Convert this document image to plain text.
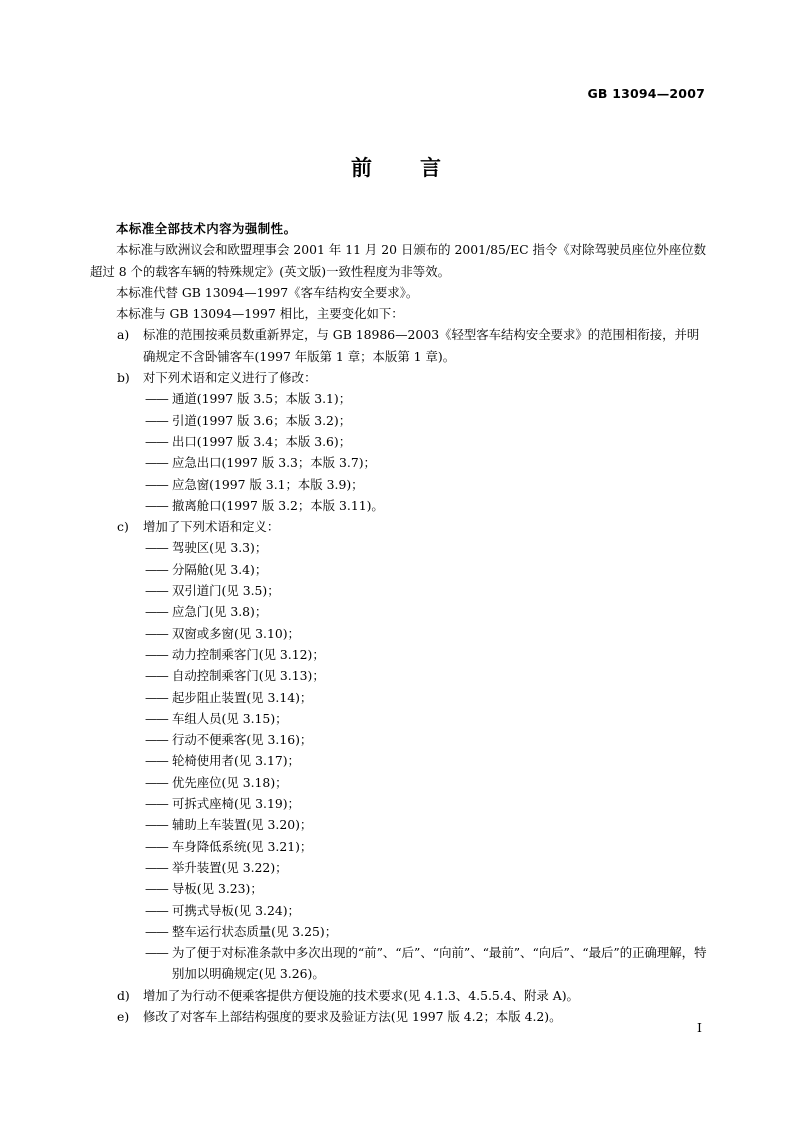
GB 13094—2007
前 言

本标准全部技术内容为强制性。

本标准与欧洲议会和欧盟理事会 2001 年 11 月 20 日颁布的 2001/85/EC 指令《对除驾驶员座位外座位数超过 8 个的载客车辆的特殊规定》(英文版)一致性程度为非等效。

本标准代替 GB 13094—1997《客车结构安全要求》。

本标准与 GB 13094—1997 相比，主要变化如下：

a) 标准的范围按乘员数重新界定，与 GB 18986—2003《轻型客车结构安全要求》的范围相衔接，并明确规定不含卧铺客车(1997 年版第 1 章；本版第 1 章)。
b) 对下列术语和定义进行了修改：
—— 通道(1997 版 3.5；本版 3.1)；
—— 引道(1997 版 3.6；本版 3.2)；
—— 出口(1997 版 3.4；本版 3.6)；
—— 应急出口(1997 版 3.3；本版 3.7)；
—— 应急窗(1997 版 3.1；本版 3.9)；
—— 撤离舱口(1997 版 3.2；本版 3.11)。
c) 增加了下列术语和定义：
—— 驾驶区(见 3.3)；
—— 分隔舱(见 3.4)；
—— 双引道门(见 3.5)；
—— 应急门(见 3.8)；
—— 双窗或多窗(见 3.10)；
—— 动力控制乘客门(见 3.12)；
—— 自动控制乘客门(见 3.13)；
—— 起步阻止装置(见 3.14)；
—— 车组人员(见 3.15)；
—— 行动不便乘客(见 3.16)；
—— 轮椅使用者(见 3.17)；
—— 优先座位(见 3.18)；
—— 可拆式座椅(见 3.19)；
—— 辅助上车装置(见 3.20)；
—— 车身降低系统(见 3.21)；
—— 举升装置(见 3.22)；
—— 导板(见 3.23)；
—— 可携式导板(见 3.24)；
—— 整车运行状态质量(见 3.25)；
—— 为了便于对标准条款中多次出现的“前”、“后”、“向前”、“最前”、“向后”、“最后”的正确理解，特别加以明确规定(见 3.26)。
d) 增加了为行动不便乘客提供方便设施的技术要求(见 4.1.3、4.5.5.4、附录 A)。
e) 修改了对客车上部结构强度的要求及验证方法(见 1997 版 4.2；本版 4.2)。
I
